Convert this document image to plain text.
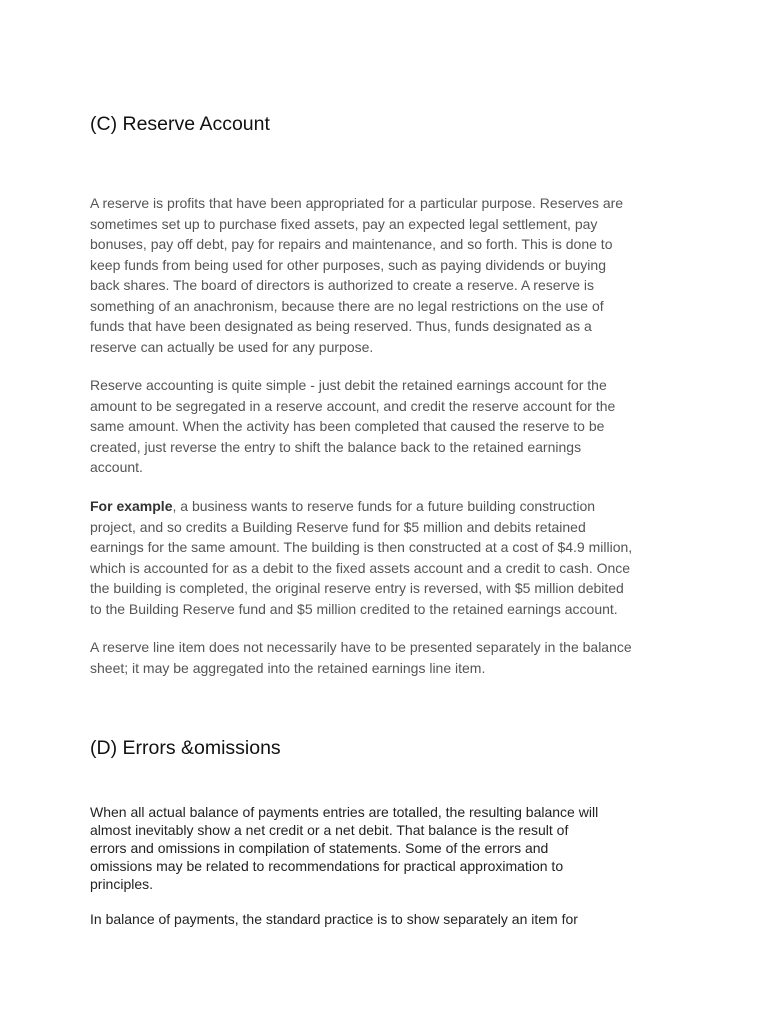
(C) Reserve Account

A reserve is profits that have been appropriated for a particular purpose. Reserves are
sometimes set up to purchase fixed assets, pay an expected legal settlement, pay
bonuses, pay off debt, pay for repairs and maintenance, and so forth. This is done to
keep funds from being used for other purposes, such as paying dividends or buying
back shares. The board of directors is authorized to create a reserve. A reserve is
something of an anachronism, because there are no legal restrictions on the use of
funds that have been designated as being reserved. Thus, funds designated as a
reserve can actually be used for any purpose.

Reserve accounting is quite simple - just debit the retained earnings account for the
amount to be segregated in a reserve account, and credit the reserve account for the
same amount. When the activity has been completed that caused the reserve to be
created, just reverse the entry to shift the balance back to the retained earnings
account.

For example, a business wants to reserve funds for a future building construction
project, and so credits a Building Reserve fund for $5 million and debits retained
earnings for the same amount. The building is then constructed at a cost of $4.9 million,
which is accounted for as a debit to the fixed assets account and a credit to cash. Once
the building is completed, the original reserve entry is reversed, with $5 million debited
to the Building Reserve fund and $5 million credited to the retained earnings account.

A reserve line item does not necessarily have to be presented separately in the balance
sheet; it may be aggregated into the retained earnings line item.

(D) Errors &omissions

When all actual balance of payments entries are totalled, the resulting balance will
almost inevitably show a net credit or a net debit. That balance is the result of
errors and omissions in compilation of statements. Some of the errors and
omissions may be related to recommendations for practical approximation to
principles.

In balance of payments, the standard practice is to show separately an item for
